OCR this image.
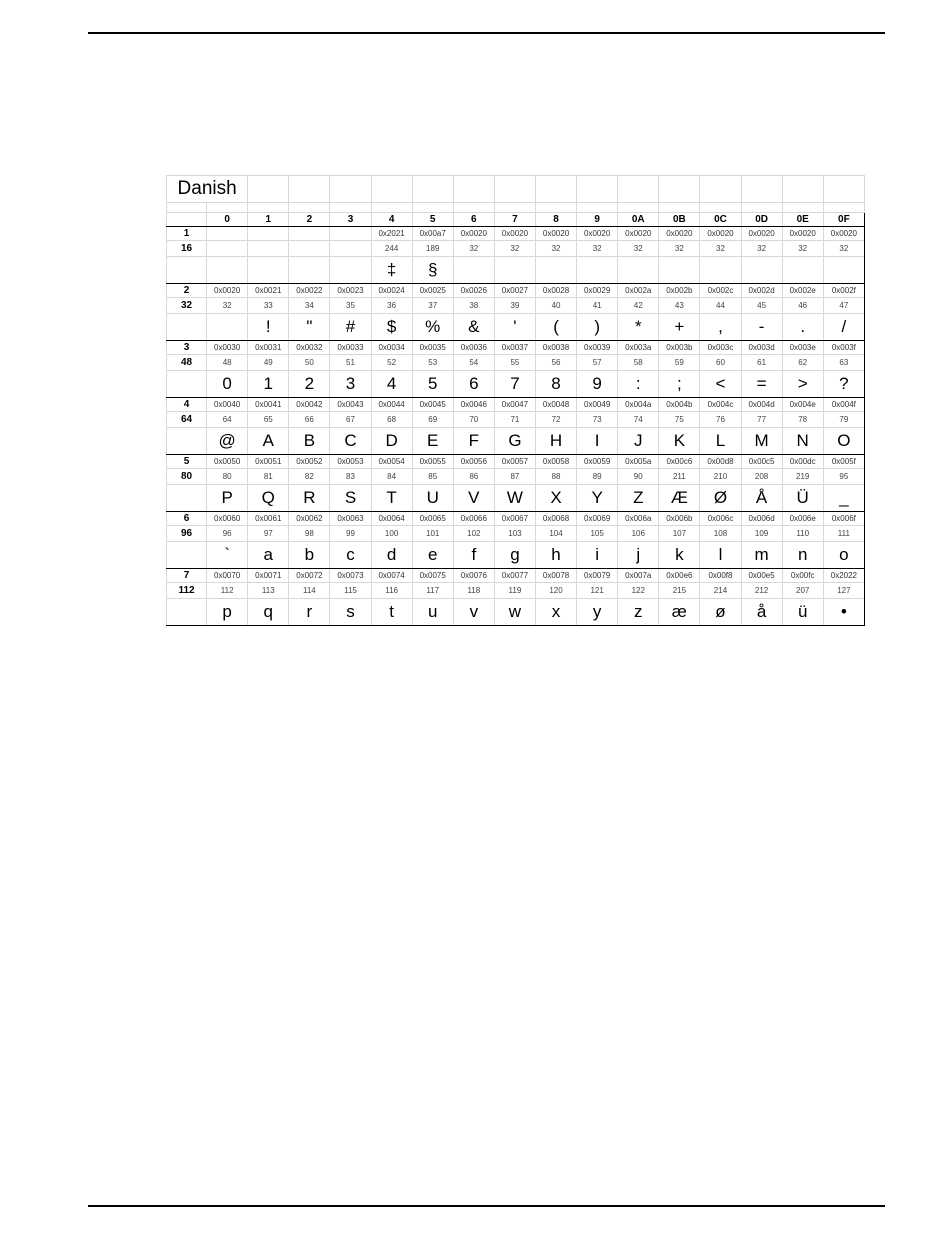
Danish																

	0	1	2	3	4	5	6	7	8	9	0A	0B	0C	0D	0E	0F
1					0x2021	0x00a7	0x0020	0x0020	0x0020	0x0020	0x0020	0x0020	0x0020	0x0020	0x0020	0x0020
16					244	189	32	32	32	32	32	32	32	32	32	32
					‡	§										
2	0x0020	0x0021	0x0022	0x0023	0x0024	0x0025	0x0026	0x0027	0x0028	0x0029	0x002a	0x002b	0x002c	0x002d	0x002e	0x002f
32	32	33	34	35	36	37	38	39	40	41	42	43	44	45	46	47
		!	"	#	$	%	&	'	(	)	*	+	,	-	.	/
3	0x0030	0x0031	0x0032	0x0033	0x0034	0x0035	0x0036	0x0037	0x0038	0x0039	0x003a	0x003b	0x003c	0x003d	0x003e	0x003f
48	48	49	50	51	52	53	54	55	56	57	58	59	60	61	62	63
	0	1	2	3	4	5	6	7	8	9	:	;	<	=	>	?
4	0x0040	0x0041	0x0042	0x0043	0x0044	0x0045	0x0046	0x0047	0x0048	0x0049	0x004a	0x004b	0x004c	0x004d	0x004e	0x004f
64	64	65	66	67	68	69	70	71	72	73	74	75	76	77	78	79
	@	A	B	C	D	E	F	G	H	I	J	K	L	M	N	O
5	0x0050	0x0051	0x0052	0x0053	0x0054	0x0055	0x0056	0x0057	0x0058	0x0059	0x005a	0x00c6	0x00d8	0x00c5	0x00dc	0x005f
80	80	81	82	83	84	85	86	87	88	89	90	211	210	208	219	95
	P	Q	R	S	T	U	V	W	X	Y	Z	Æ	Ø	Å	Ü	_
6	0x0060	0x0061	0x0062	0x0063	0x0064	0x0065	0x0066	0x0067	0x0068	0x0069	0x006a	0x006b	0x006c	0x006d	0x006e	0x006f
96	96	97	98	99	100	101	102	103	104	105	106	107	108	109	110	111
	`	a	b	c	d	e	f	g	h	i	j	k	l	m	n	o
7	0x0070	0x0071	0x0072	0x0073	0x0074	0x0075	0x0076	0x0077	0x0078	0x0079	0x007a	0x00e6	0x00f8	0x00e5	0x00fc	0x2022
112	112	113	114	115	116	117	118	119	120	121	122	215	214	212	207	127
	p	q	r	s	t	u	v	w	x	y	z	æ	ø	å	ü	•
